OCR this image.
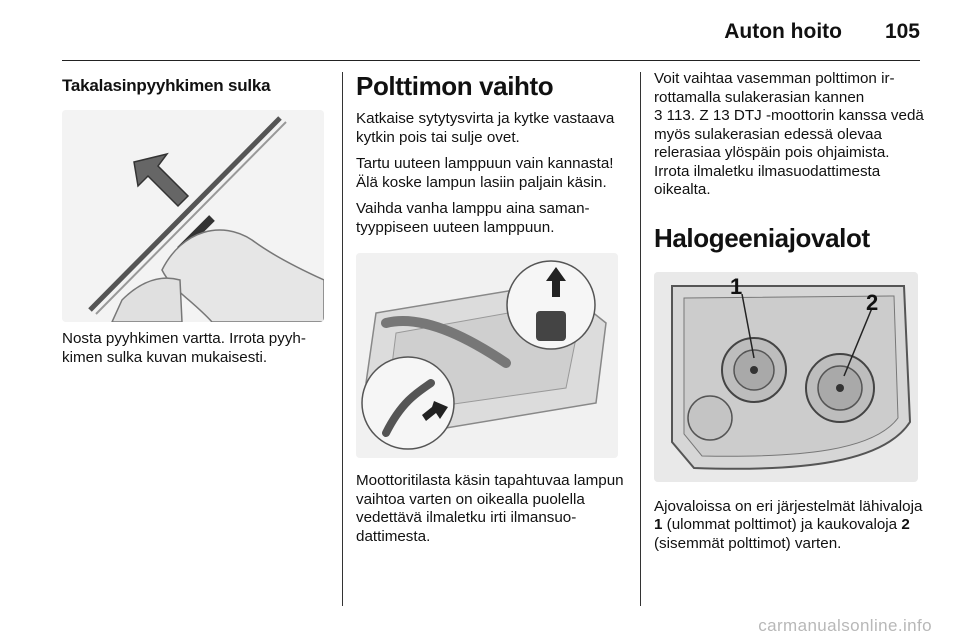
Auton hoito 105
Takalasinpyyhkimen sulka

Nosta pyyhkimen vartta. Irrota pyyhkimen sulka kuvan mukaisesti.

Polttimon vaihto

Katkaise sytytysvirta ja kytke vastaava kytkin pois tai sulje ovet.

Tartu uuteen lamppuun vain kannasta! Älä koske lampun lasiin paljain käsin.

Vaihda vanha lamppu aina samantyyppiseen uuteen lamppuun.

Moottoritilasta käsin tapahtuvaa lampun vaihtoa varten on oikealla puolella vedettävä ilmaletku irti ilmansuodattimesta.

Voit vaihtaa vasemman polttimon irrottamalla sulakerasian kannen
3 113. Z 13 DTJ -moottorin kanssa vedä myös sulakerasian edessä olevaa relerasiaa ylöspäin pois ohjaimista. Irrota ilmaletku ilmasuodattimesta oikealta.

Halogeeniajovalot
1
2

Ajovaloissa on eri järjestelmät lähivaloja 1 (ulommat polttimot) ja kaukovaloja 2 (sisemmät polttimot) varten.

carmanualsonline.info
